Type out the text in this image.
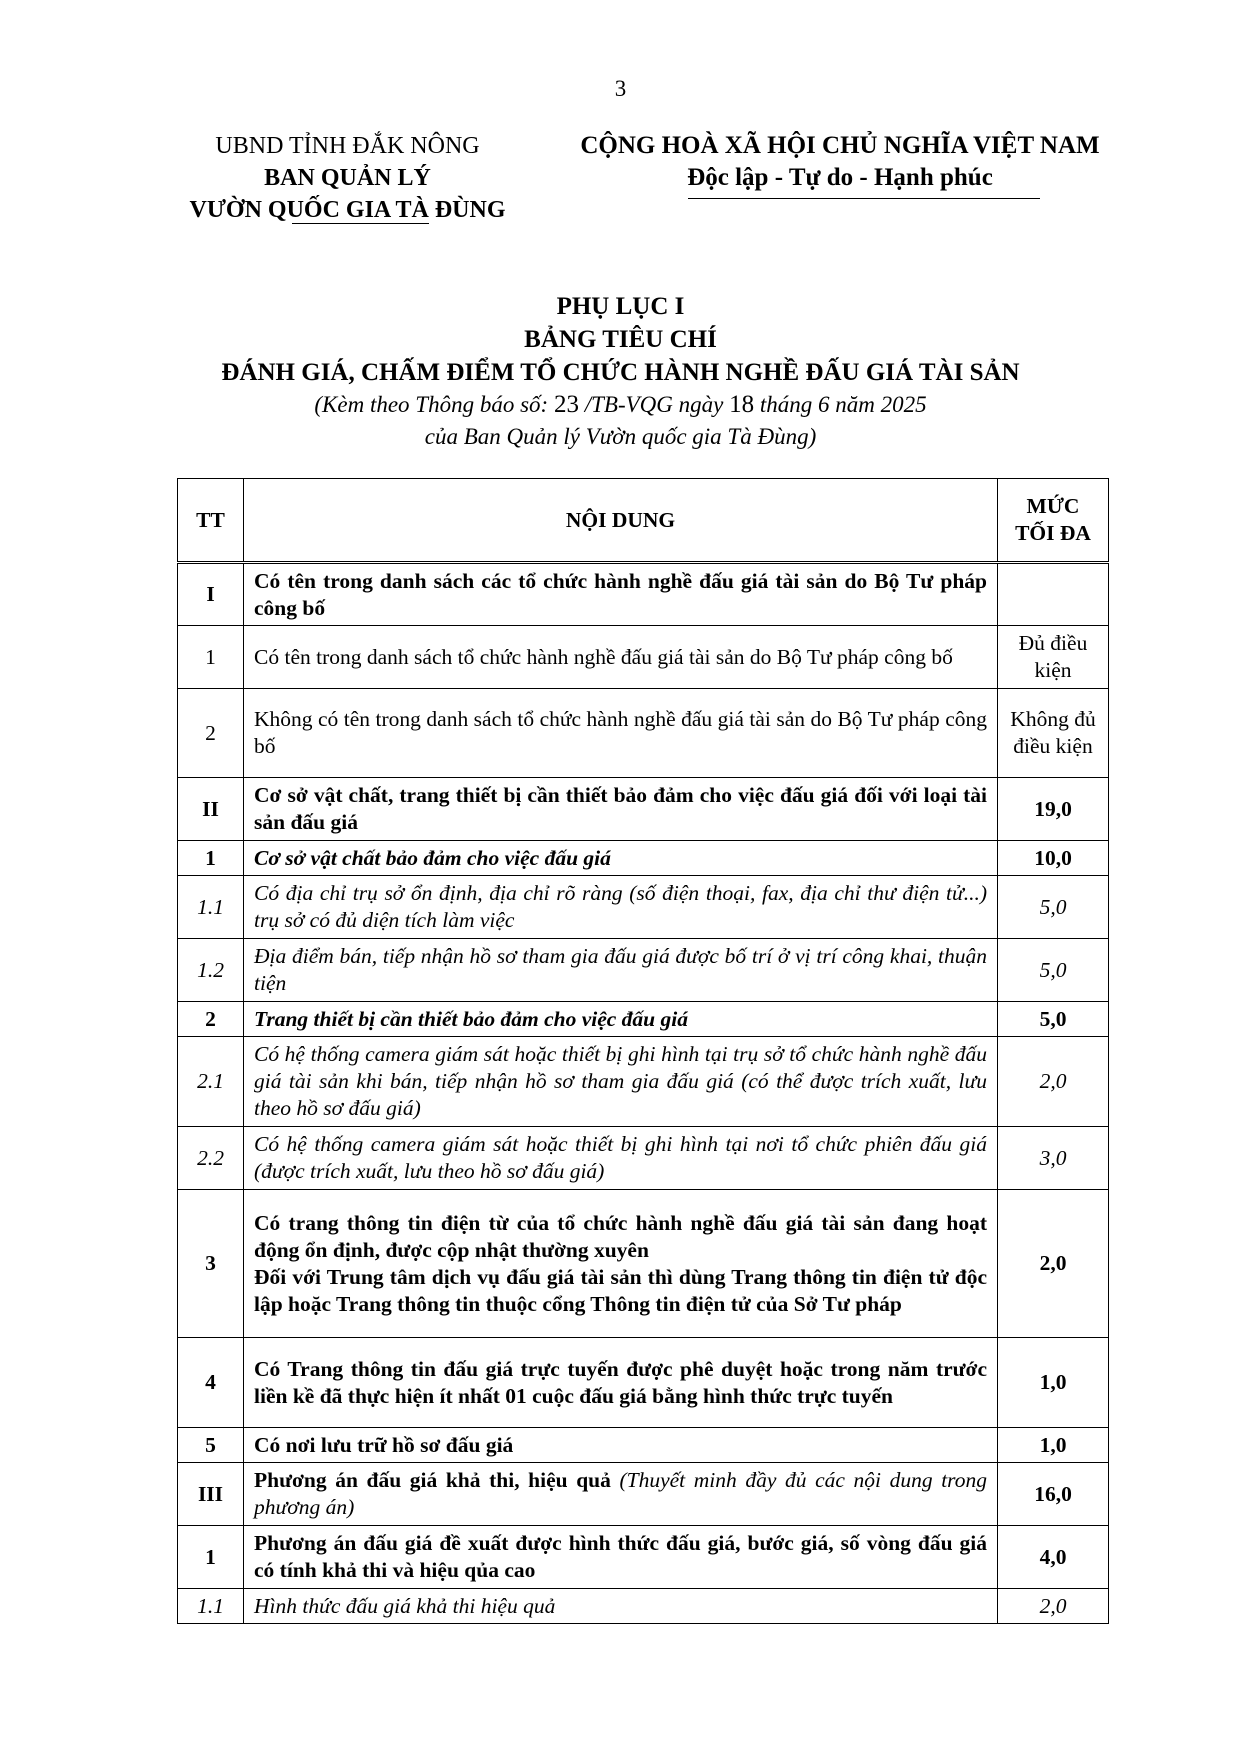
3
UBND TỈNH ĐẮK NÔNG
BAN QUẢN LÝ
VƯỜN QUỐC GIA TÀ ĐÙNG
CỘNG HOÀ XÃ HỘI CHỦ NGHĨA VIỆT NAM
Độc lập - Tự do - Hạnh phúc
PHỤ LỤC I
BẢNG TIÊU CHÍ
ĐÁNH GIÁ, CHẤM ĐIỂM TỔ CHỨC HÀNH NGHỀ ĐẤU GIÁ TÀI SẢN
(Kèm theo Thông báo số: 23 /TB-VQG ngày 18 tháng 6 năm 2025
của Ban Quản lý Vườn quốc gia Tà Đùng)
TT	NỘI DUNG	MỨC
TỐI ĐA

I	Có tên trong danh sách các tổ chức hành nghề đấu giá tài sản do Bộ Tư pháp công bố	
1	Có tên trong danh sách tổ chức hành nghề đấu giá tài sản do Bộ Tư pháp công bố	Đủ điều kiện
2	Không có tên trong danh sách tổ chức hành nghề đấu giá tài sản do Bộ Tư pháp công bố	Không đủ điều kiện
II	Cơ sở vật chất, trang thiết bị cần thiết bảo đảm cho việc đấu giá đối với loại tài sản đấu giá	19,0
1	Cơ sở vật chất bảo đảm cho việc đấu giá	10,0
1.1	Có địa chỉ trụ sở ổn định, địa chỉ rõ ràng (số điện thoại, fax, địa chỉ thư điện tử...) trụ sở có đủ diện tích làm việc	5,0
1.2	Địa điểm bán, tiếp nhận hồ sơ tham gia đấu giá được bố trí ở vị trí công khai, thuận tiện	5,0
2	Trang thiết bị cần thiết bảo đảm cho việc đấu giá	5,0
2.1	Có hệ thống camera giám sát hoặc thiết bị ghi hình tại trụ sở tổ chức hành nghề đấu giá tài sản khi bán, tiếp nhận hồ sơ tham gia đấu giá (có thể được trích xuất, lưu theo hồ sơ đấu giá)	2,0
2.2	Có hệ thống camera giám sát hoặc thiết bị ghi hình tại nơi tổ chức phiên đấu giá (được trích xuất, lưu theo hồ sơ đấu giá)	3,0
3	Có trang thông tin điện từ của tổ chức hành nghề đấu giá tài sản đang hoạt động ổn định, được cộp nhật thường xuyên
Đối với Trung tâm dịch vụ đấu giá tài sản thì dùng Trang thông tin điện tử độc lập hoặc Trang thông tin thuộc cổng Thông tin điện tử của Sở Tư pháp	2,0
4	Có Trang thông tin đấu giá trực tuyến được phê duyệt hoặc trong năm trước liền kề đã thực hiện ít nhất 01 cuộc đấu giá bằng hình thức trực tuyến	1,0
5	Có nơi lưu trữ hồ sơ đấu giá	1,0
III	Phương án đấu giá khả thi, hiệu quả (Thuyết minh đầy đủ các nội dung trong phương án)	16,0
1	Phương án đấu giá đề xuất được hình thức đấu giá, bước giá, số vòng đấu giá có tính khả thi và hiệu qủa cao	4,0
1.1	Hình thức đấu giá khả thi hiệu quả	2,0
